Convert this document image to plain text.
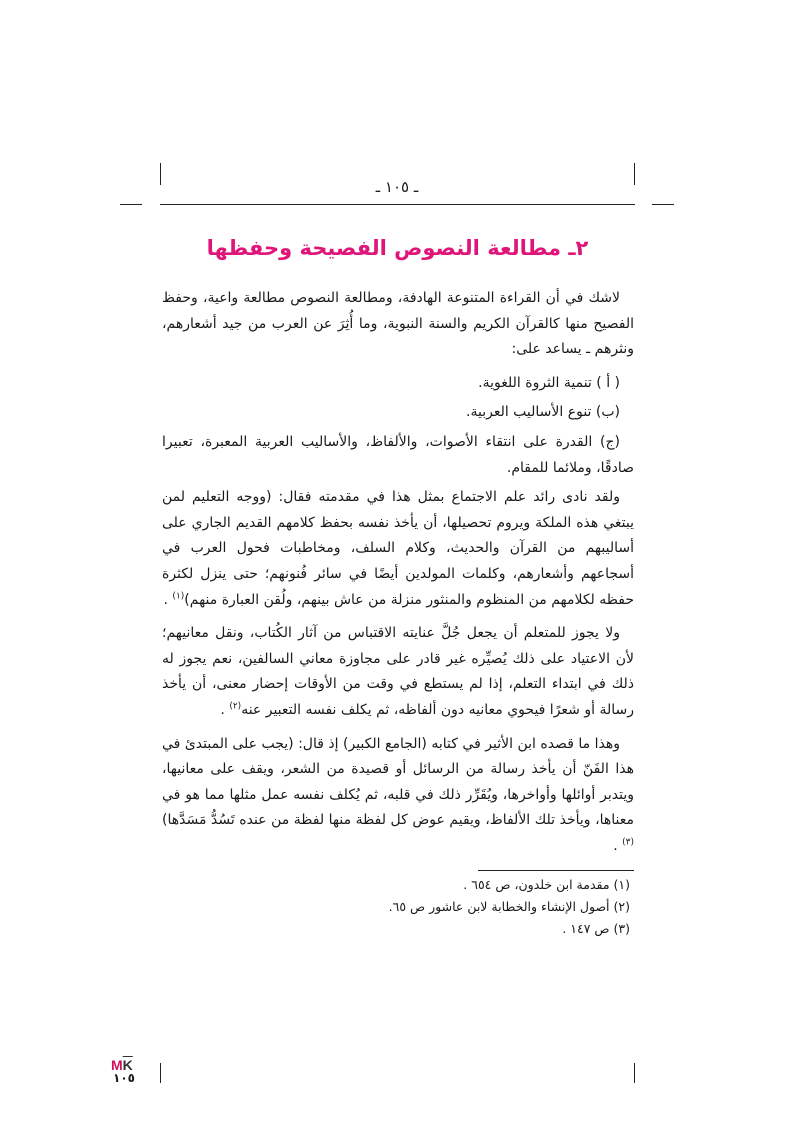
ـ ١٠٥ ـ
٢ـ مطالعة النصوص الفصيحة وحفظها

لاشك في أن القراءة المتنوعة الهادفة، ومطالعة النصوص مطالعة واعية، وحفظ الفصيح منها كالقرآن الكريم والسنة النبوية، وما أُثِرَ عن العرب من جيد أشعارهم، ونثرهم ـ يساعد على:

( أ ) تنمية الثروة اللغوية.

(ب) تنوع الأساليب العربية.

(ج) القدرة على انتقاء الأصوات، والألفاظ، والأساليب العربية المعبرة، تعبيرا صادقًا، وملائما للمقام.

ولقد نادى رائد علم الاجتماع بمثل هذا في مقدمته فقال: (ووجه التعليم لمن يبتغي هذه الملكة ويروم تحصيلها، أن يأخذ نفسه بحفظ كلامهم القديم الجاري على أساليبهم من القرآن والحديث، وكلام السلف، ومخاطبات فحول العرب في أسجاعهم وأشعارهم، وكلمات المولدين أيضًا في سائر فُنونهم؛ حتى ينزل لكثرة حفظه لكلامهم من المنظوم والمنثور منزلة من عاش بينهم، ولُقن العبارة منهم)$^{(١)}$ .

ولا يجوز للمتعلم أن يجعل جُلَّ عنايته الاقتباس من آثار الكُتاب، ونقل معانيهم؛ لأن الاعتياد على ذلك يُصيِّره غير قادر على مجاوزة معاني السالفين، نعم يجوز له ذلك في ابتداء التعلم، إذا لم يستطع في وقت من الأوقات إحضار معنى، أن يأخذ رسالة أو شعرًا فيحوي معانيه دون ألفاظه، ثم يكلف نفسه التعبير عنه$^{(٢)}$ .

وهذا ما قصده ابن الأثير في كتابه (الجامع الكبير) إذ قال: (يجب على المبتدئ في هذا الفَنّ أن يأخذ رسالة من الرسائل أو قصيدة من الشعر، ويقف على معانيها، ويتدبر أوائلها وأواخرها، ويُقَرِّر ذلك في قلبه، ثم يُكلف نفسه عمل مثلها مما هو في معناها، ويأخذ تلك الألفاظ، ويقيم عوض كل لفظة منها لفظة من عنده تَسُدُّ مَسَدَّها)$^{(٣)}$ .

(١) مقدمة ابن خلدون، ص ٦٥٤ .
(٢) أصول الإنشاء والخطابة لابن عاشور ص ٦٥.
(٣) ص ١٤٧ .
$M\overline{K}$
١٠٥
